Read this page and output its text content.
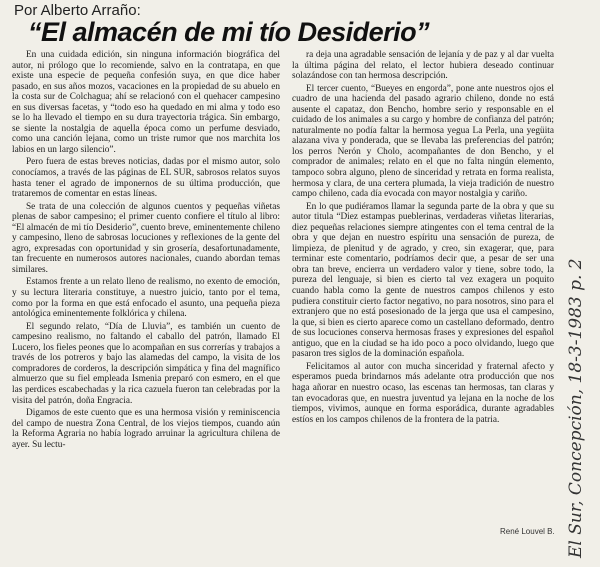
Por Alberto Arraño:
“El almacén de mi tío Desiderio”

En una cuidada edición, sin ninguna información biográfica del autor, ni prólogo que lo recomiende, salvo en la contratapa, en que existe una especie de pequeña confesión suya, en que dice haber pasado, en sus años mozos, vacaciones en la propiedad de su abuelo en la costa sur de Colchagua; ahí se relacionó con el quehacer campesino en sus diversas facetas, y “todo eso ha quedado en mi alma y todo eso se lo ha llevado el tiempo en su dura trayectoria trágica. Sin embargo, se siente la nostalgia de aquella época como un perfume desviado, como una canción lejana, como un triste rumor que nos marchita los labios en un largo silencio”.

Pero fuera de estas breves noticias, dadas por el mismo autor, solo conocíamos, a través de las páginas de EL SUR, sabrosos relatos suyos hasta tener el agrado de imponernos de su última producción, que trataremos de comentar en estas líneas.

Se trata de una colección de algunos cuentos y pequeñas viñetas plenas de sabor campesino; el primer cuento confiere el título al libro: “El almacén de mi tío Desiderio”, cuento breve, eminentemente chileno y campesino, lleno de sabrosas locuciones y reflexiones de la gente del agro, expresadas con oportunidad y sin grosería, desafortunadamente, tan frecuente en numerosos autores nacionales, cuando abordan temas similares.

Estamos frente a un relato lleno de realismo, no exento de emoción, y su lectura literaria constituye, a nuestro juicio, tanto por el tema, como por la forma en que está enfocado el asunto, una pequeña pieza antológica eminentemente folklórica y chilena.

El segundo relato, “Día de Lluvia”, es también un cuento de campesino realismo, no faltando el caballo del patrón, llamado El Lucero, los fieles peones que lo acompañan en sus correrías y trabajos a través de los potreros y bajo las alamedas del campo, la visita de los compradores de corderos, la descripción simpática y fina del magnífico almuerzo que su fiel empleada Ismenia preparó con esmero, en el que las perdices escabechadas y la rica cazuela fueron tan celebradas por la visita del patrón, doña Engracia.

Digamos de este cuento que es una hermosa visión y reminiscencia del campo de nuestra Zona Central, de los viejos tiempos, cuando aún la Reforma Agraria no había logrado arruinar la agricultura chilena de ayer. Su lectu-

ra deja una agradable sensación de lejanía y de paz y al dar vuelta la última página del relato, el lector hubiera deseado continuar solazándose con tan hermosa descripción.

El tercer cuento, “Bueyes en engorda”, pone ante nuestros ojos el cuadro de una hacienda del pasado agrario chileno, donde no está ausente el capataz, don Bencho, hombre serio y responsable en el cuidado de los animales a su cargo y hombre de confianza del patrón; naturalmente no podía faltar la hermosa yegua La Perla, una yegüita alazana viva y ponderada, que se llevaba las preferencias del patrón; los perros Nerón y Cholo, acompañantes de don Bencho, y el comprador de animales; relato en el que no falta ningún elemento, tampoco sobra alguno, pleno de sinceridad y retrata en forma realista, hermosa y clara, de una certera plumada, la vieja tradición de nuestro campo chileno, cada día evocada con mayor nostalgia y cariño.

En lo que pudiéramos llamar la segunda parte de la obra y que su autor titula “Diez estampas pueblerinas, verdaderas viñetas literarias, diez pequeñas relaciones siempre atingentes con el tema central de la obra y que dejan en nuestro espíritu una sensación de pureza, de limpieza, de plenitud y de agrado, y creo, sin exagerar, que, para terminar este comentario, podríamos decir que, a pesar de ser una obra tan breve, encierra un verdadero valor y tiene, sobre todo, la pureza del lenguaje, si bien es cierto tal vez exagera un poquito cuando habla como la gente de nuestros campos chilenos y esto pudiera constituir cierto factor negativo, no para nosotros, sino para el extranjero que no está posesionado de la jerga que usa el campesino, la que, si bien es cierto aparece como un castellano deformado, dentro de sus locuciones conserva hermosas frases y expresiones del español antiguo, que en la ciudad se ha ido poco a poco olvidando, luego que pasaron tres siglos de la dominación española.

Felicitamos al autor con mucha sinceridad y fraternal afecto y esperamos pueda brindarnos más adelante otra producción que nos haga añorar en nuestro ocaso, las escenas tan hermosas, tan claras y tan evocadoras que, en nuestra juventud ya lejana en la noche de los tiempos, vivimos, aunque en forma esporádica, durante agradables estíos en los campos chilenos de la frontera de la patria.

René Louvel B. El Sur, Concepción, 18-3-1983 p. 2
